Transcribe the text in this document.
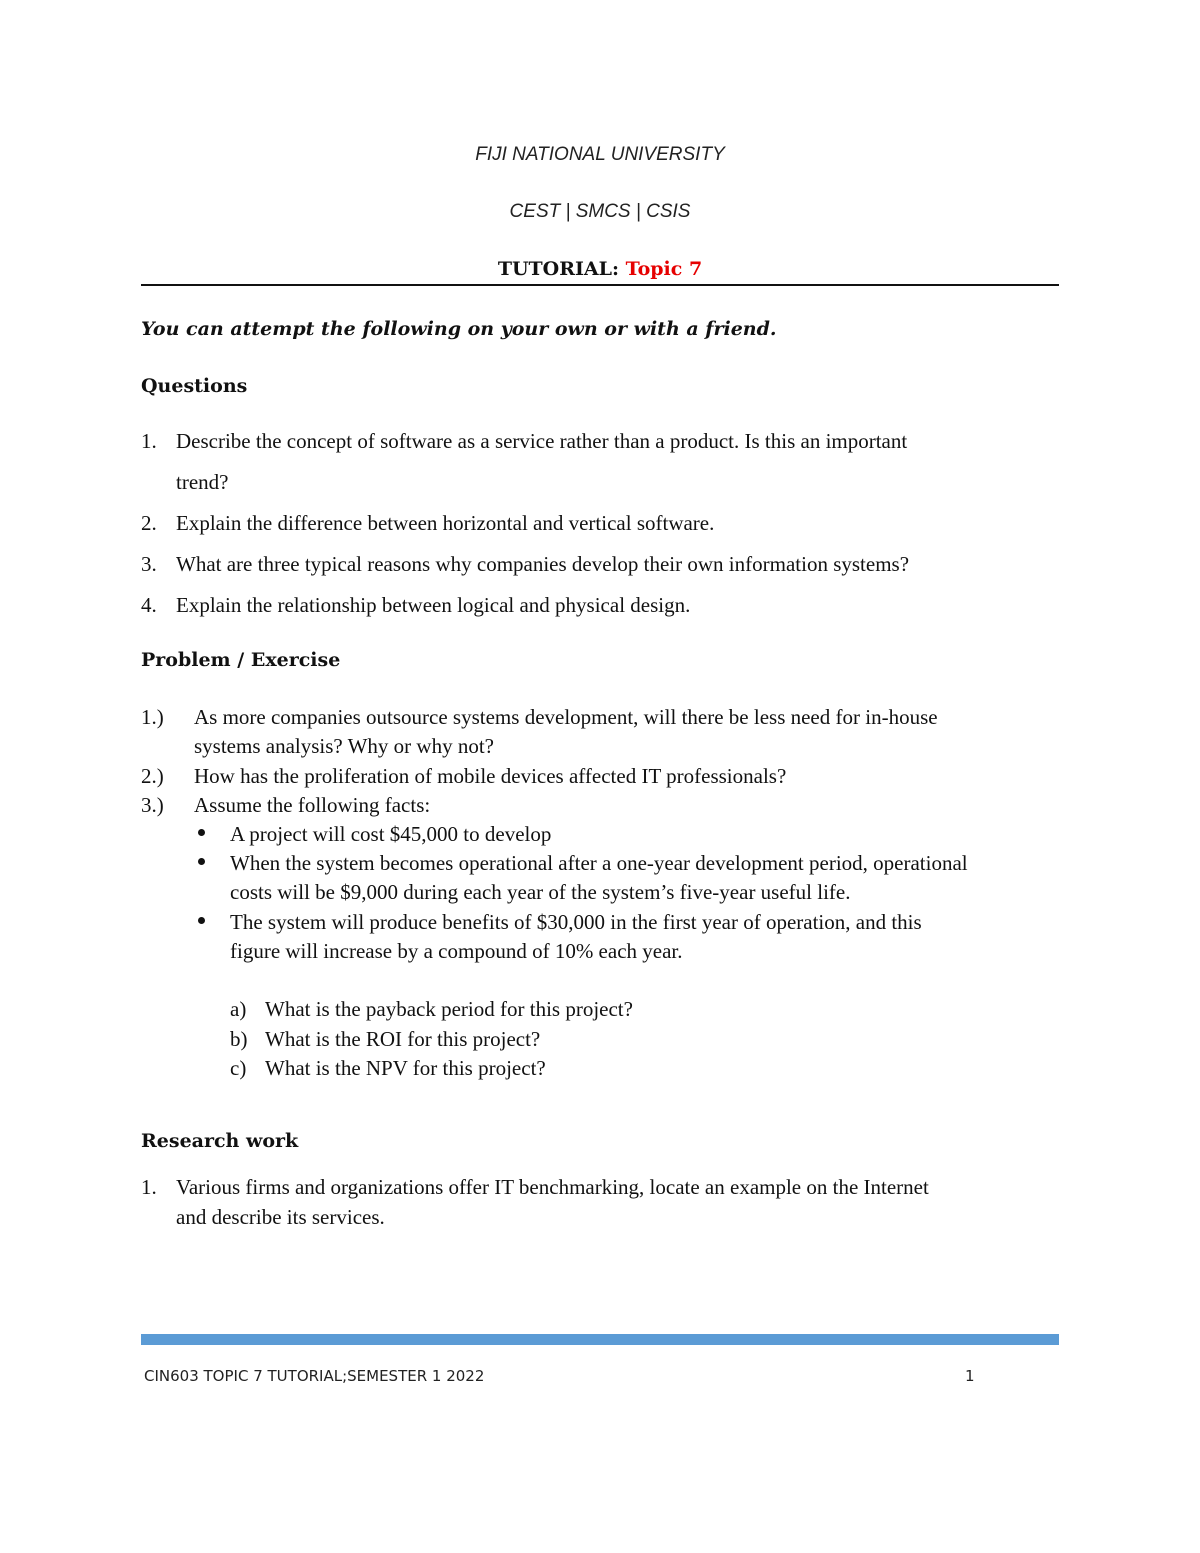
FIJI NATIONAL UNIVERSITY
CEST | SMCS | CSIS
TUTORIAL: Topic 7
You can attempt the following on your own or with a friend.
Questions
1. Describe the concept of software as a service rather than a product. Is this an important
trend?
2. Explain the difference between horizontal and vertical software.
3. What are three typical reasons why companies develop their own information systems?
4. Explain the relationship between logical and physical design.
Problem / Exercise
1.) As more companies outsource systems development, will there be less need for in-house
systems analysis? Why or why not?
2.) How has the proliferation of mobile devices affected IT professionals?
3.) Assume the following facts:
A project will cost $45,000 to develop
When the system becomes operational after a one-year development period, operational
costs will be $9,000 during each year of the system’s five-year useful life.
The system will produce benefits of $30,000 in the first year of operation, and this
figure will increase by a compound of 10% each year.
a) What is the payback period for this project?
b) What is the ROI for this project?
c) What is the NPV for this project?
Research work
1. Various firms and organizations offer IT benchmarking, locate an example on the Internet
and describe its services.
CIN603 TOPIC 7 TUTORIAL;SEMESTER 1 2022	1
